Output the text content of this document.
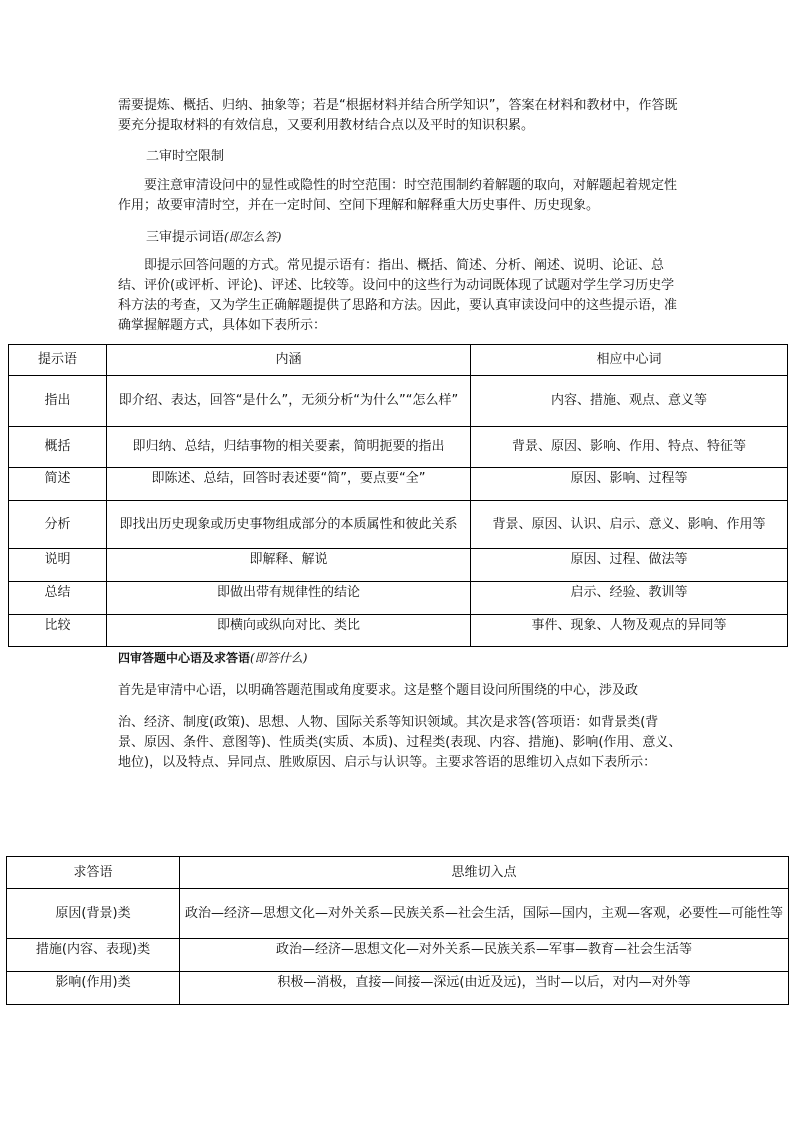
需要提炼、概括、归纳、抽象等；若是“根据材料并结合所学知识”，答案在材料和教材中，作答既要充分提取材料的有效信息，又要利用教材结合点以及平时的知识积累。

二审时空限制

要注意审清设问中的显性或隐性的时空范围：时空范围制约着解题的取向，对解题起着规定性作用；故要审清时空，并在一定时间、空间下理解和解释重大历史事件、历史现象。

三审提示词语(即怎么答)

即提示回答问题的方式。常见提示语有：指出、概括、简述、分析、阐述、说明、论证、总结、评价(或评析、评论)、评述、比较等。设问中的这些行为动词既体现了试题对学生学习历史学科方法的考查，又为学生正确解题提供了思路和方法。因此，要认真审读设问中的这些提示语，准确掌握解题方式，具体如下表所示：

提示语	内涵	相应中心词
指出	即介绍、表达，回答“是什么”，无须分析“为什么”“怎么样”	内容、措施、观点、意义等
概括	即归纳、总结，归结事物的相关要素，简明扼要的指出	背景、原因、影响、作用、特点、特征等
简述	即陈述、总结，回答时表述要“简”，要点要“全”	原因、影响、过程等
分析	即找出历史现象或历史事物组成部分的本质属性和彼此关系	背景、原因、认识、启示、意义、影响、作用等
说明	即解释、解说	原因、过程、做法等
总结	即做出带有规律性的结论	启示、经验、教训等
比较	即横向或纵向对比、类比	事件、现象、人物及观点的异同等
四审答题中心语及求答语(即答什么)

首先是审清中心语，以明确答题范围或角度要求。这是整个题目设问所围绕的中心，涉及政

治、经济、制度(政策)、思想、人物、国际关系等知识领域。其次是求答(答项语：如背景类(背景、原因、条件、意图等)、性质类(实质、本质)、过程类(表现、内容、措施)、影响(作用、意义、地位)，以及特点、异同点、胜败原因、启示与认识等。主要求答语的思维切入点如下表所示：

求答语	思维切入点
原因(背景)类	政治—经济—思想文化—对外关系—民族关系—社会生活，国际—国内，主观—客观，必要性—可能性等
措施(内容、表现)类	政治—经济—思想文化—对外关系—民族关系—军事—教育—社会生活等
影响(作用)类	积极—消极，直接—间接—深远(由近及远)，当时—以后，对内—对外等
